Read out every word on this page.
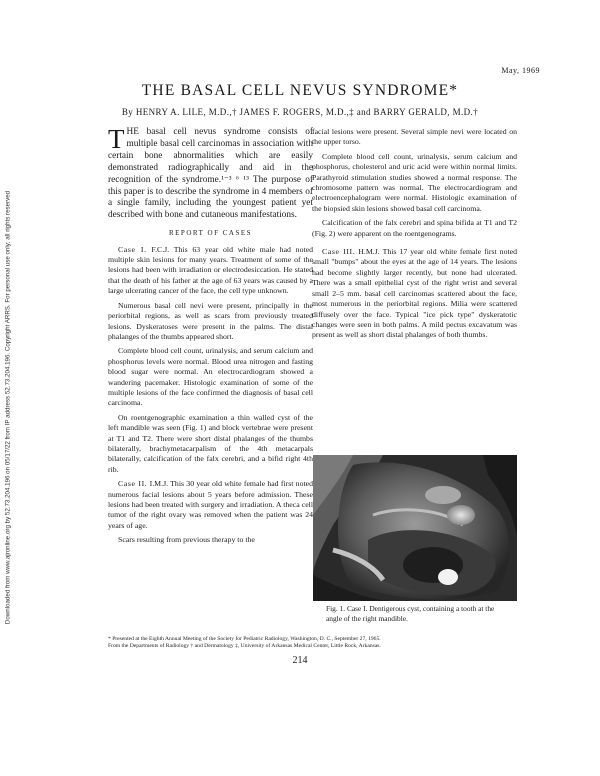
Downloaded from www.ajronline.org by 52.73.204.196 on 05/17/22 from IP address 52.73.204.196. Copyright ARRS. For personal use only; all rights reserved
May, 1969
THE BASAL CELL NEVUS SYNDROME*
By HENRY A. LILE, M.D.,† JAMES F. ROGERS, M.D.,‡ and BARRY GERALD, M.D.†

THE basal cell nevus syndrome consists of multiple basal cell carcinomas in association with certain bone abnormalities which are easily demonstrated radiographically and aid in the recognition of the syndrome.¹⁻³ ⁶ ¹³ The purpose of this paper is to describe the syndrome in 4 members of a single family, including the youngest patient yet described with bone and cutaneous manifestations.

REPORT OF CASES

Case I. F.C.J. This 63 year old white male had noted multiple skin lesions for many years. Treatment of some of the lesions had been with irradiation or electrodesiccation. He stated that the death of his father at the age of 63 years was caused by a large ulcerating cancer of the face, the cell type unknown.

Numerous basal cell nevi were present, principally in the periorbital regions, as well as scars from previously treated lesions. Dyskeratoses were present in the palms. The distal phalanges of the thumbs appeared short.

Complete blood cell count, urinalysis, and serum calcium and phosphorus levels were normal. Blood urea nitrogen and fasting blood sugar were normal. An electrocardiogram showed a wandering pacemaker. Histologic examination of some of the multiple lesions of the face confirmed the diagnosis of basal cell carcinoma.

On roentgenographic examination a thin walled cyst of the left mandible was seen (Fig. 1) and block vertebrae were present at T1 and T2. There were short distal phalanges of the thumbs bilaterally, brachymetacarpalism of the 4th metacarpals bilaterally, calcification of the falx cerebri, and a bifid right 4th rib.

Case II. I.M.J. This 30 year old white female had first noted numerous facial lesions about 5 years before admission. These lesions had been treated with surgery and irradiation. A theca cell tumor of the right ovary was removed when the patient was 24 years of age.

Scars resulting from previous therapy to the

facial lesions were present. Several simple nevi were located on the upper torso.

Complete blood cell count, urinalysis, serum calcium and phosphorus, cholesterol and uric acid were within normal limits. Parathyroid stimulation studies showed a normal response. The chromosome pattern was normal. The electrocardiogram and electroencephalogram were normal. Histologic examination of the biopsied skin lesions showed basal cell carcinoma.

Calcification of the falx cerebri and spina bifida at T1 and T2 (Fig. 2) were apparent on the roentgenograms.

Case III. H.M.J. This 17 year old white female first noted small "bumps" about the eyes at the age of 14 years. The lesions had become slightly larger recently, but none had ulcerated. There was a small epithelial cyst of the right wrist and several small 2–5 mm. basal cell carcinomas scattered about the face, most numerous in the periorbital regions. Milia were scattered diffusely over the face. Typical "ice pick type" dyskeratotic changes were seen in both palms. A mild pectus excavatum was present as well as short distal phalanges of both thumbs.

Fig. 1. Case I. Dentigerous cyst, containing a tooth at the angle of the right mandible.

* Presented at the Eighth Annual Meeting of the Society for Pediatric Radiology, Washington, D. C., September 27, 1965.

From the Departments of Radiology † and Dermatology ‡, University of Arkansas Medical Center, Little Rock, Arkansas.

214
